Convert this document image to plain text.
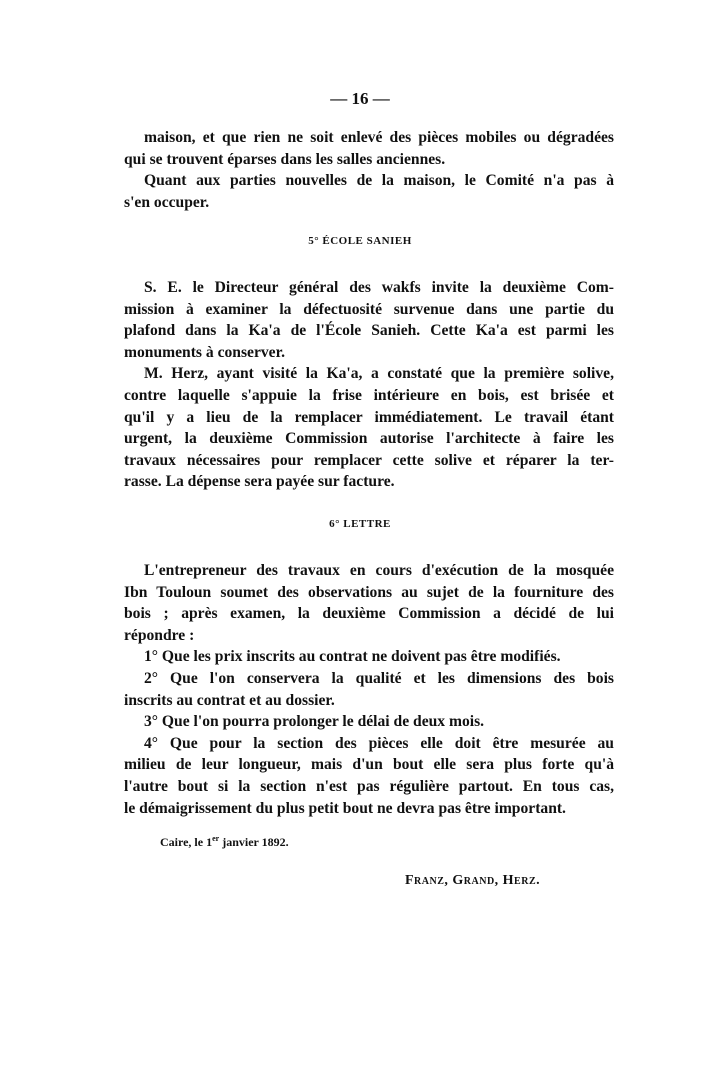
— 16 —
maison, et que rien ne soit enlevé des pièces mobiles ou dégradées
qui se trouvent éparses dans les salles anciennes.
Quant aux parties nouvelles de la maison, le Comité n'a pas à
s'en occuper.
5° ÉCOLE SANIEH
S. E. le Directeur général des wakfs invite la deuxième Com-
mission à examiner la défectuosité survenue dans une partie du
plafond dans la Ka'a de l'École Sanieh. Cette Ka'a est parmi les
monuments à conserver.
M. Herz, ayant visité la Ka'a, a constaté que la première solive,
contre laquelle s'appuie la frise intérieure en bois, est brisée et
qu'il y a lieu de la remplacer immédiatement. Le travail étant
urgent, la deuxième Commission autorise l'architecte à faire les
travaux nécessaires pour remplacer cette solive et réparer la ter-
rasse. La dépense sera payée sur facture.
6° LETTRE
L'entrepreneur des travaux en cours d'exécution de la mosquée
Ibn Touloun soumet des observations au sujet de la fourniture des
bois ; après examen, la deuxième Commission a décidé de lui
répondre :
1° Que les prix inscrits au contrat ne doivent pas être modifiés.
2° Que l'on conservera la qualité et les dimensions des bois
inscrits au contrat et au dossier.
3° Que l'on pourra prolonger le délai de deux mois.
4° Que pour la section des pièces elle doit être mesurée au
milieu de leur longueur, mais d'un bout elle sera plus forte qu'à
l'autre bout si la section n'est pas régulière partout. En tous cas,
le démaigrissement du plus petit bout ne devra pas être important.
Caire, le 1er janvier 1892.
Franz, Grand, Herz.
